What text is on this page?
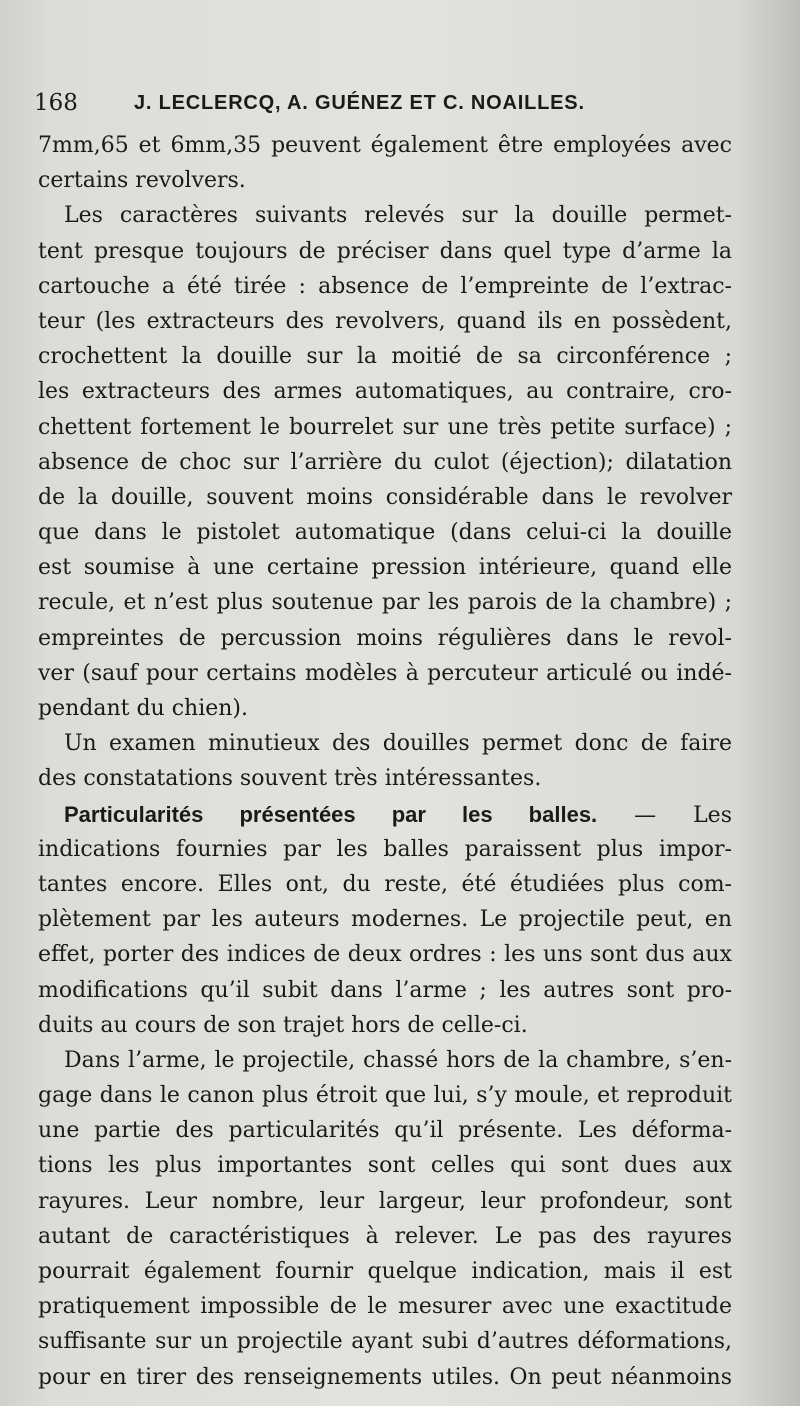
168	J. LECLERCQ, A. GUÉNEZ ET C. NOAILLES.
7mm,65 et 6mm,35 peuvent également être employées avec
certains revolvers.
Les caractères suivants relevés sur la douille permet-
tent presque toujours de préciser dans quel type d’arme la
cartouche a été tirée : absence de l’empreinte de l’extrac-
teur (les extracteurs des revolvers, quand ils en possèdent,
crochettent la douille sur la moitié de sa circonférence ;
les extracteurs des armes automatiques, au contraire, cro-
chettent fortement le bourrelet sur une très petite surface) ;
absence de choc sur l’arrière du culot (éjection); dilatation
de la douille, souvent moins considérable dans le revolver
que dans le pistolet automatique (dans celui-ci la douille
est soumise à une certaine pression intérieure, quand elle
recule, et n’est plus soutenue par les parois de la chambre) ;
empreintes de percussion moins régulières dans le revol-
ver (sauf pour certains modèles à percuteur articulé ou indé-
pendant du chien).
Un examen minutieux des douilles permet donc de faire
des constatations souvent très intéressantes.
Particularités présentées par les balles. — Les
indications fournies par les balles paraissent plus impor-
tantes encore. Elles ont, du reste, été étudiées plus com-
plètement par les auteurs modernes. Le projectile peut, en
effet, porter des indices de deux ordres : les uns sont dus aux
modifications qu’il subit dans l’arme ; les autres sont pro-
duits au cours de son trajet hors de celle-ci.
Dans l’arme, le projectile, chassé hors de la chambre, s’en-
gage dans le canon plus étroit que lui, s’y moule, et reproduit
une partie des particularités qu’il présente. Les déforma-
tions les plus importantes sont celles qui sont dues aux
rayures. Leur nombre, leur largeur, leur profondeur, sont
autant de caractéristiques à relever. Le pas des rayures
pourrait également fournir quelque indication, mais il est
pratiquement impossible de le mesurer avec une exactitude
suffisante sur un projectile ayant subi d’autres déformations,
pour en tirer des renseignements utiles. On peut néanmoins
